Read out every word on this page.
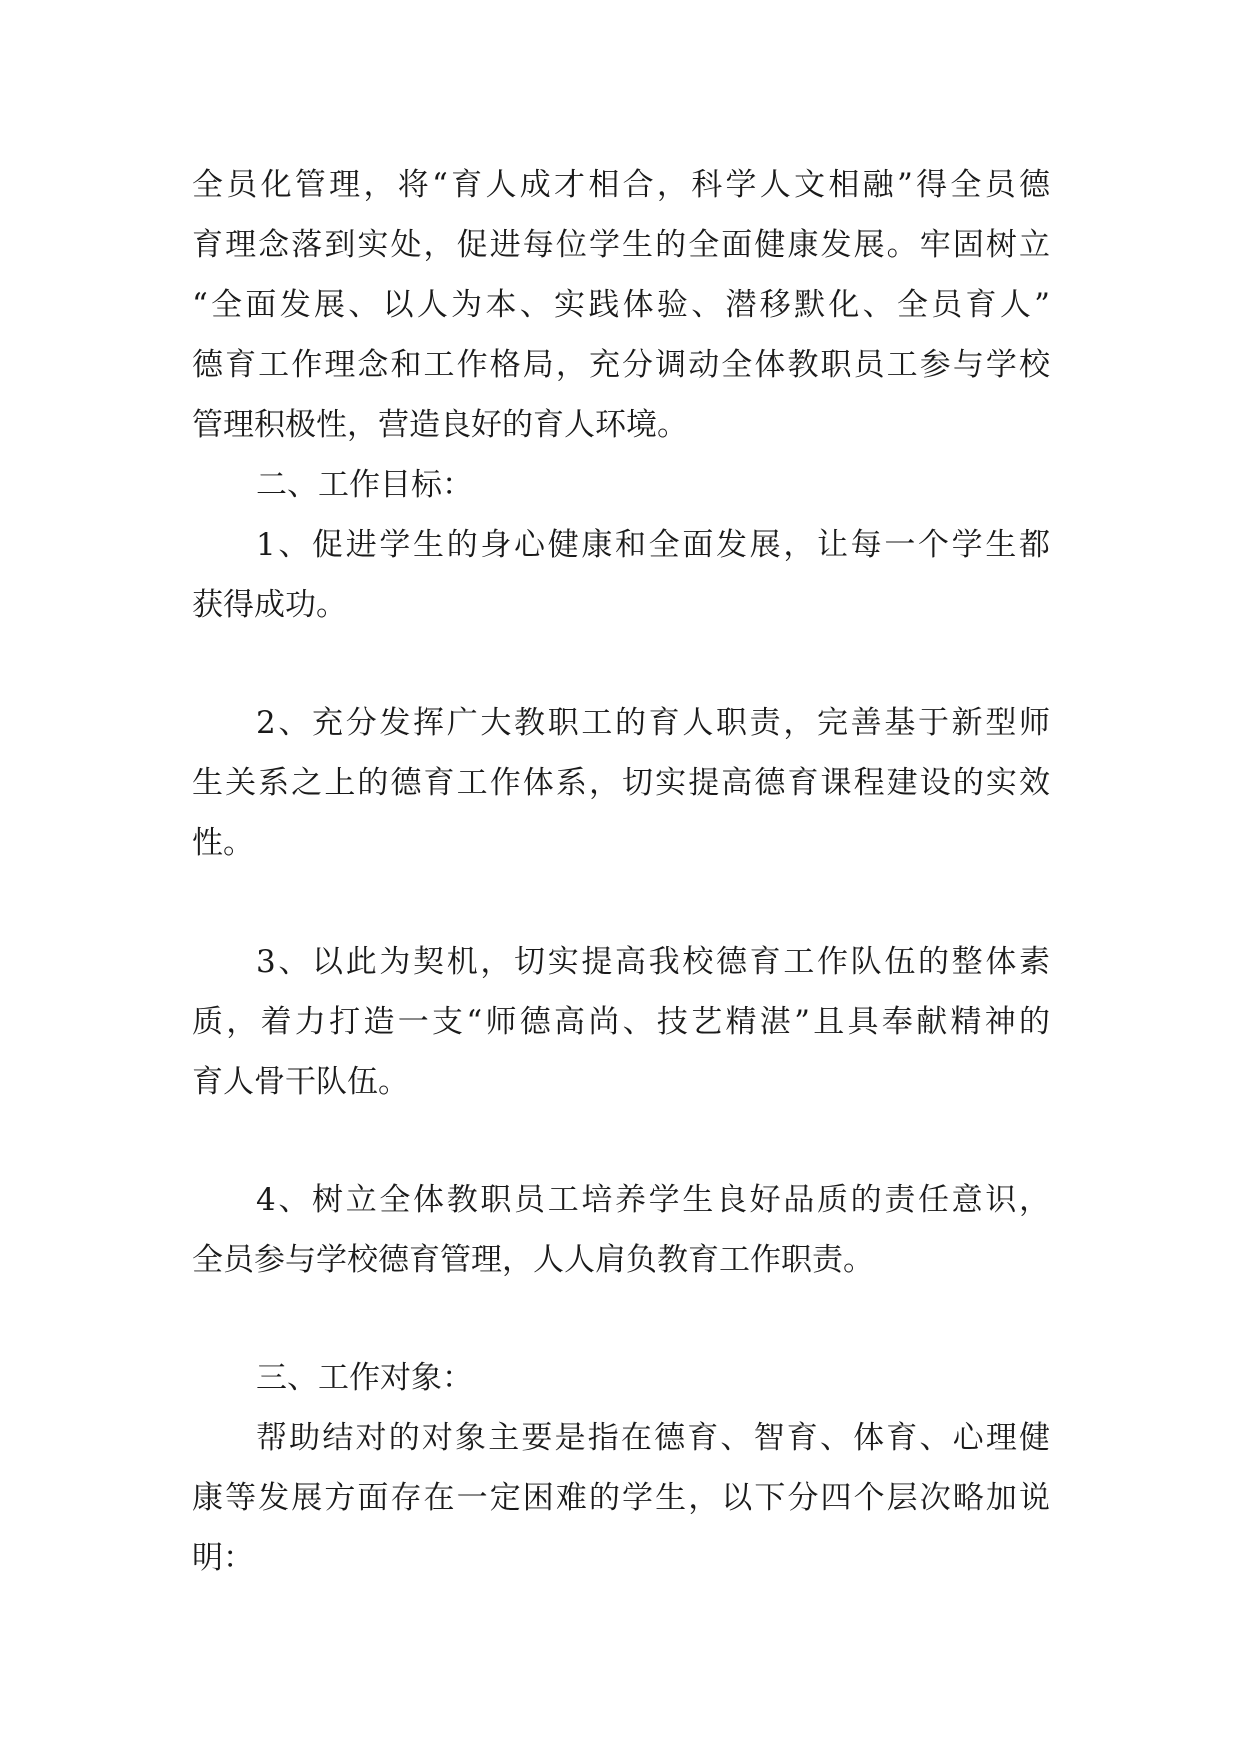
全员化管理，将“育人成才相合，科学人文相融”得全员德

育理念落到实处，促进每位学生的全面健康发展。牢固树立

“全面发展、以人为本、实践体验、潜移默化、全员育人”

德育工作理念和工作格局，充分调动全体教职员工参与学校

管理积极性，营造良好的育人环境。

二、工作目标：

1、促进学生的身心健康和全面发展，让每一个学生都

获得成功。

2、充分发挥广大教职工的育人职责，完善基于新型师

生关系之上的德育工作体系，切实提高德育课程建设的实效

性。

3、以此为契机，切实提高我校德育工作队伍的整体素

质，着力打造一支“师德高尚、技艺精湛”且具奉献精神的

育人骨干队伍。

4、树立全体教职员工培养学生良好品质的责任意识，

全员参与学校德育管理，人人肩负教育工作职责。

三、工作对象：

帮助结对的对象主要是指在德育、智育、体育、心理健

康等发展方面存在一定困难的学生，以下分四个层次略加说

明：
